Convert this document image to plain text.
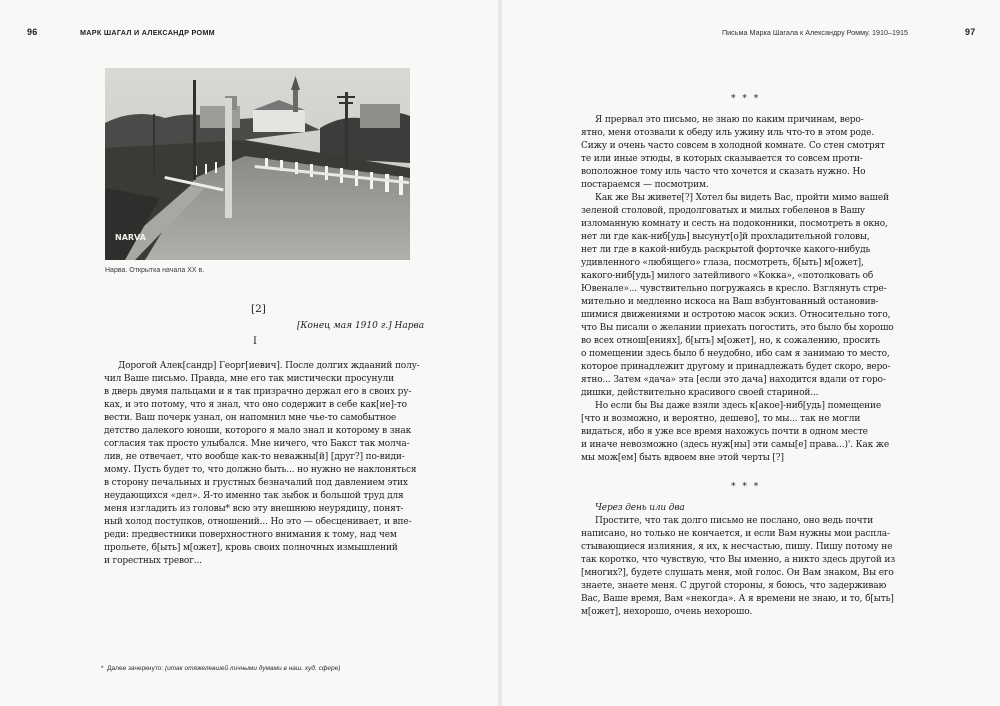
96	МАРК ШАГАЛ И АЛЕКСАНДР РОММ
NARVA
Нарва. Открытка начала XX в.
[2]
[Конец мая 1910 г.] Нарва
I
Дорогой Алек[сандр] Георг[иевич]. После долгих ждааний полу-
чил Ваше письмо. Правда, мне его так мистически просунули
в дверь двумя пальцами и я так призрачно держал его в своих ру-
ках, и это потому, что я знал, что оно содержит в себе как[ие]-то
вести. Ваш почерк узнал, он напомнил мне чье-то самобытное
детство далекого юноши, которого я мало знал и которому в знак
согласия так просто улыбался. Мне ничего, что Бакст так молча-
лив, не отвечает, что вообще как-то неважны[й] [друг?] по-види-
мому. Пусть будет то, что должно быть... но нужно не наклоняться
в сторону печальных и грустных безначалий под давлением этих
неудающихся «дел». Я-то именно так зыбок и большой труд для
меня изгладить из головы* всю эту внешнюю неурядицу, понят-
ный холод поступков, отношений... Но это — обесценивает, и впе-
реди: предвестники поверхностного внимания к тому, над чем
прольете, б[ыть] м[ожет], кровь своих полночных измышлений
и горестных тревог...
* Далее зачеркнуто: (итак отяжелевшей личными думами в наш. худ. сфере)
Письма Марка Шагала к Александру Ромму. 1910–1915	97
* * *
Я прервал это письмо, не знаю по каким причинам, веро-
ятно, меня отозвали к обеду иль ужину иль что-то в этом роде.
Сижу и очень часто совсем в холодной комнате. Со стен смотрят
те или иные этюды, в которых сказывается то совсем проти-
воположное тому иль часто что хочется и сказать нужно. Но
постараемся — посмотрим.
Как же Вы живете[?] Хотел бы видеть Вас, пройти мимо вашей
зеленой столовой, продолговатых и милых гобеленов в Вашу
изломанную комнату и сесть на подоконники, посмотреть в окно,
нет ли где как-ниб[удь] высунут[о]й прохладительной головы,
нет ли где в какой-нибудь раскрытой форточке какого-нибудь
удивленного «любящего» глаза, посмотреть, б[ыть] м[ожет],
какого-ниб[удь] милого затейливого «Кокка», «потолковать об
Ювенале»... чувствительно погружаясь в кресло. Взглянуть стре-
мительно и медленно искоса на Ваш взбунтованный остановив-
шимися движениями и остротою масок эскиз. Относительно того,
что Вы писали о желании приехать погостить, это было бы хорошо
во всех отнош[ениях], б[ыть] м[ожет], но, к сожалению, просить
о помещении здесь было б неудобно, ибо сам я занимаю то место,
которое принадлежит другому и принадлежать будет скоро, веро-
ятно... Затем «дача» эта [если это дача] находится вдали от горо-
дишки, действительно красивого своей стариной...
Но если бы Вы даже взяли здесь к[акое]-ниб[удь] помещение
[что и возможно, и вероятно, дешево], то мы... так не могли
видаться, ибо я уже все время нахожусь почти в одном месте
и иначе невозможно (здесь нуж[ны] эти самы[е] права...)'. Как же
мы мож[ем] быть вдвоем вне этой черты [?]
* * *

Через день или два

Простите, что так долго письмо не послано, оно ведь почти
написано, но только не кончается, и если Вам нужны мои распла-
стывающиеся излияния, я их, к несчастью, пишу. Пишу потому не
так коротко, что чувствую, что Вы именно, а никто здесь другой из
[многих?], будете слушать меня, мой голос. Он Вам знаком, Вы его
знаете, знаете меня. С другой стороны, я боюсь, что задерживаю
Вас, Ваше время, Вам «некогда». А я времени не знаю, и то, б[ыть]
м[ожет], нехорошо, очень нехорошо.
